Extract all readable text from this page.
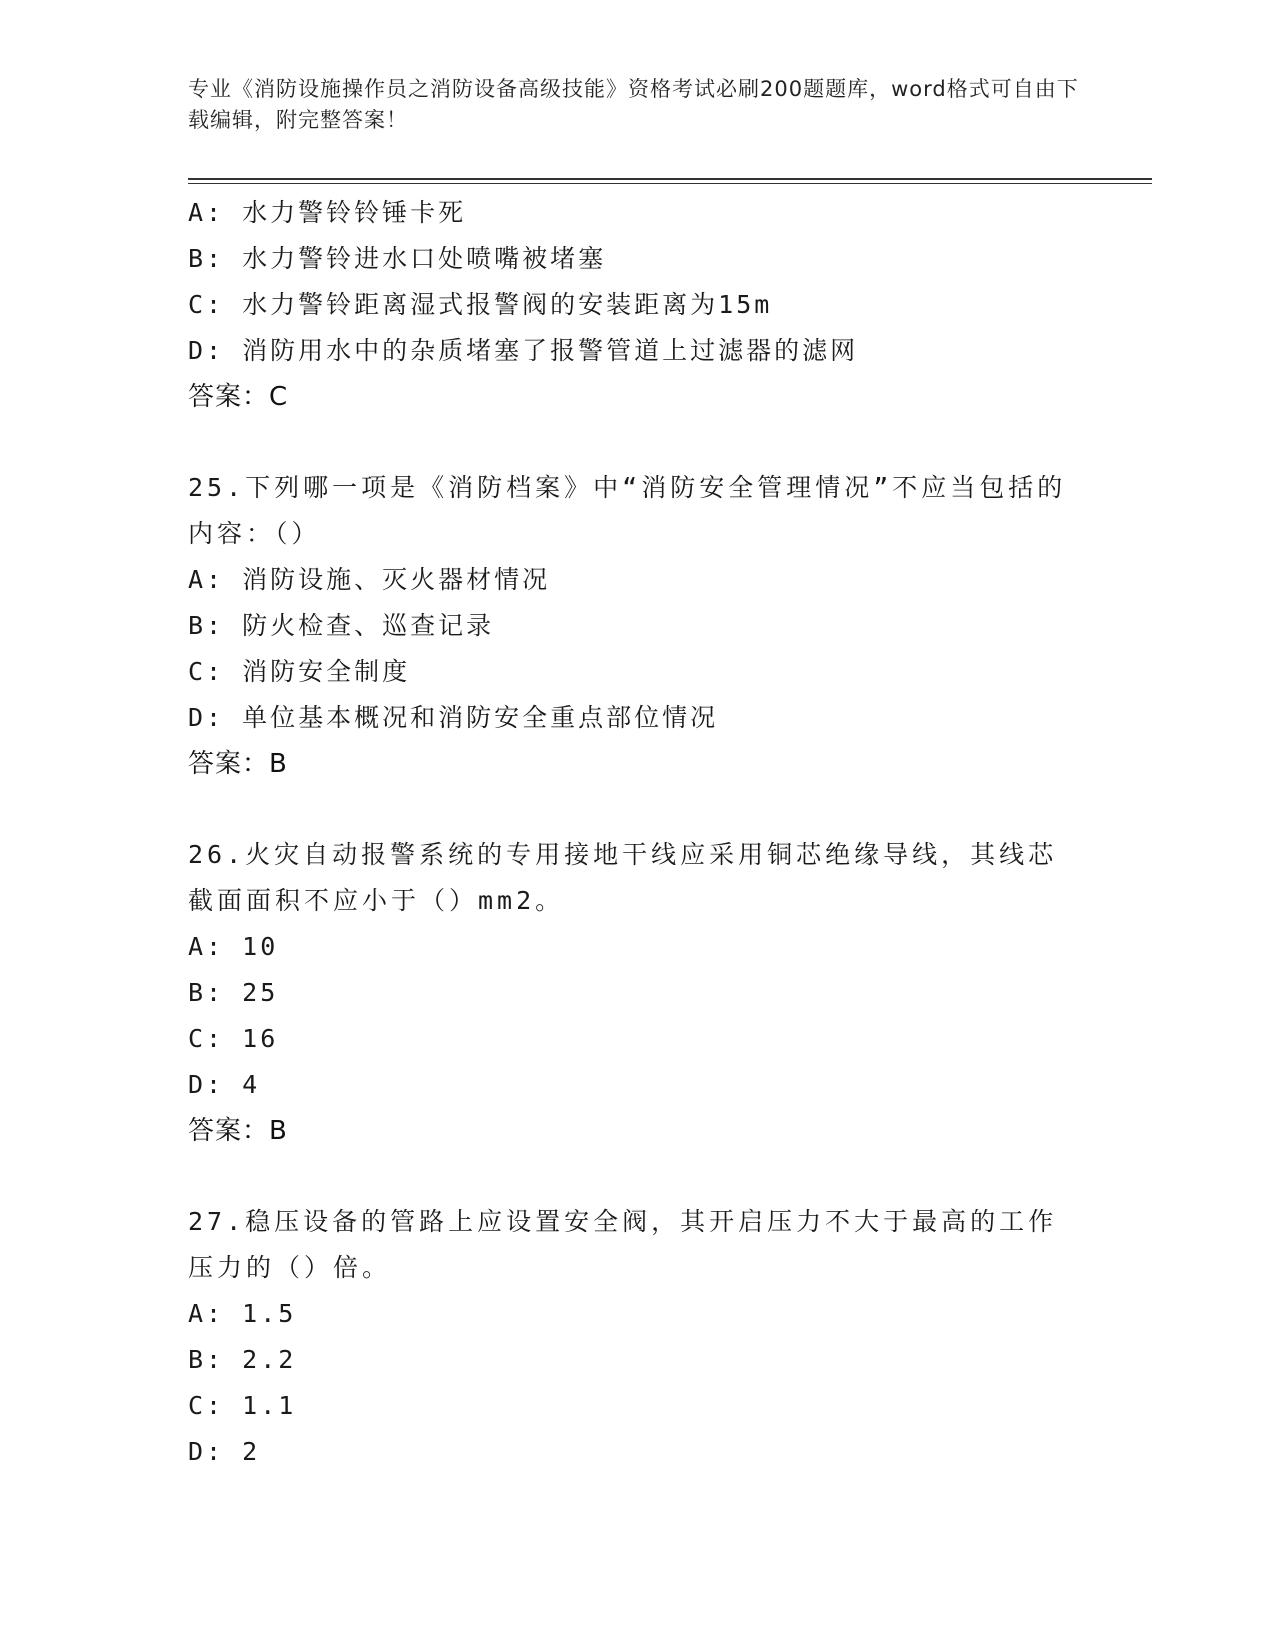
专业《消防设施操作员之消防设备高级技能》资格考试必刷200题题库，word格式可自由下载编辑，附完整答案！
A: 水力警铃铃锤卡死
B: 水力警铃进水口处喷嘴被堵塞
C: 水力警铃距离湿式报警阀的安装距离为15m
D: 消防用水中的杂质堵塞了报警管道上过滤器的滤网
答案：C
25.下列哪一项是《消防档案》中“消防安全管理情况”不应当包括的内容：（）
A: 消防设施、灭火器材情况
B: 防火检查、巡查记录
C: 消防安全制度
D: 单位基本概况和消防安全重点部位情况
答案：B
26.火灾自动报警系统的专用接地干线应采用铜芯绝缘导线，其线芯截面面积不应小于（）mm2。
A: 10
B: 25
C: 16
D: 4
答案：B
27.稳压设备的管路上应设置安全阀，其开启压力不大于最高的工作压力的（）倍。
A: 1.5
B: 2.2
C: 1.1
D: 2
